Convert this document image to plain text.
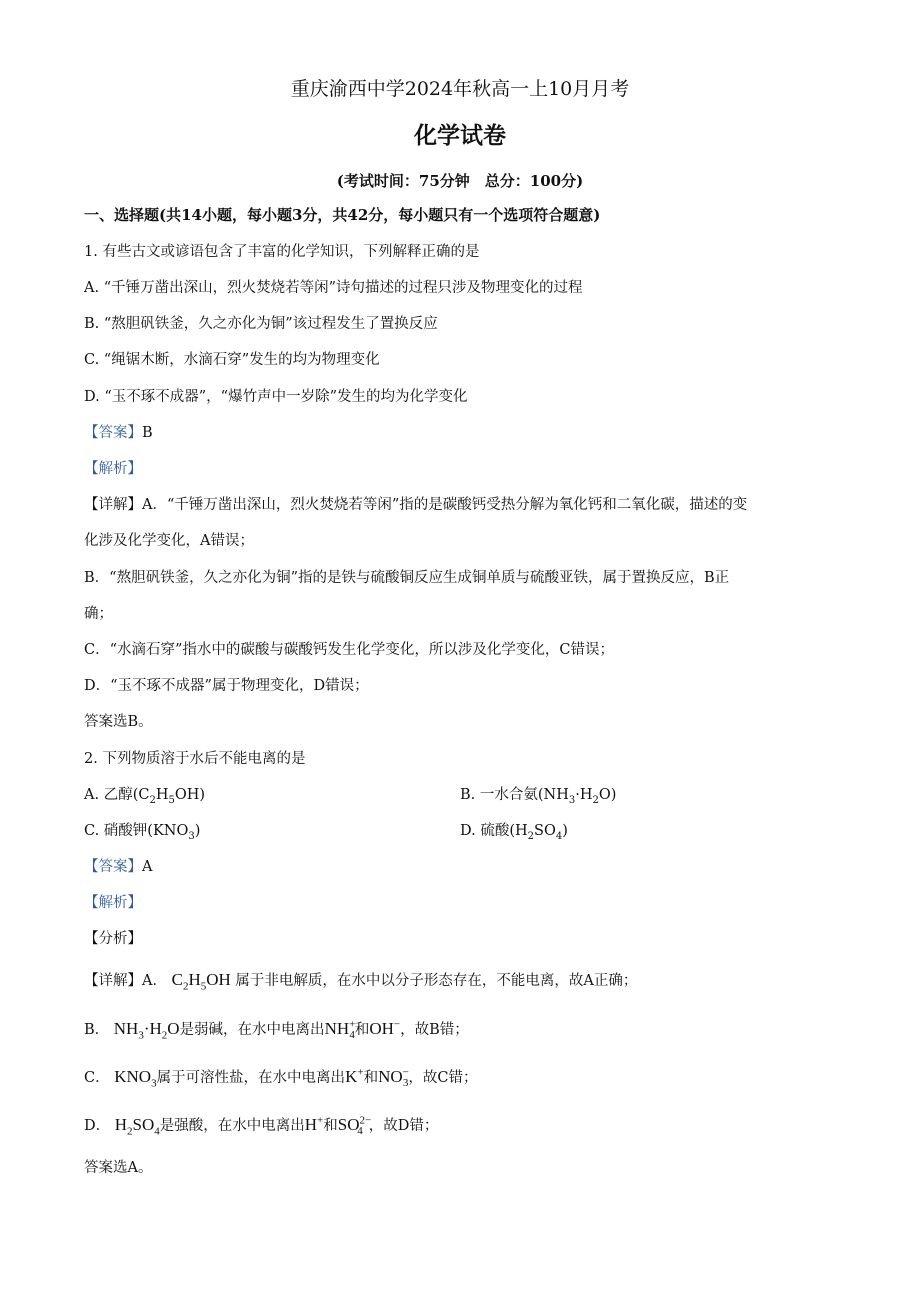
重庆渝西中学2024年秋高一上10月月考
化学试卷
(考试时间：75分钟　总分：100分)
一、选择题(共14小题，每小题3分，共42分，每小题只有一个选项符合题意)
1. 有些古文或谚语包含了丰富的化学知识，下列解释正确的是
A. “千锤万凿出深山，烈火焚烧若等闲”诗句描述的过程只涉及物理变化的过程
B. “熬胆矾铁釜，久之亦化为铜”该过程发生了置换反应
C. “绳锯木断，水滴石穿”发生的均为物理变化
D. “玉不琢不成器”，“爆竹声中一岁除”发生的均为化学变化
【答案】B
【解析】
【详解】A．“千锤万凿出深山，烈火焚烧若等闲”指的是碳酸钙受热分解为氧化钙和二氧化碳，描述的变
化涉及化学变化，A错误；
B．“熬胆矾铁釜，久之亦化为铜”指的是铁与硫酸铜反应生成铜单质与硫酸亚铁，属于置换反应，B正
确；
C．“水滴石穿”指水中的碳酸与碳酸钙发生化学变化，所以涉及化学变化，C错误；
D．“玉不琢不成器”属于物理变化，D错误；
答案选B。
2. 下列物质溶于水后不能电离的是
A. 乙醇$(C_2H_5OH)$	B. 一水合氨$(NH_3\cdot H_2O)$
C. 硝酸钾$(KNO_3)$	D. 硫酸$(H_2SO_4)$
【答案】A
【解析】
【分析】
【详解】A． $C_2H_5OH$ 属于非电解质，在水中以分子形态存在，不能电离，故A正确；
B． $NH_3\cdot H_2O$是弱碱，在水中电离出$NH^+_4$和OH−，故B错；
C． $KNO_3$属于可溶性盐，在水中电离出K+和$NO^-_3$，故C错；
D． $H_2SO_4$是强酸，在水中电离出H+和$SO^{2-}_4$ ，故D错；
答案选A。
